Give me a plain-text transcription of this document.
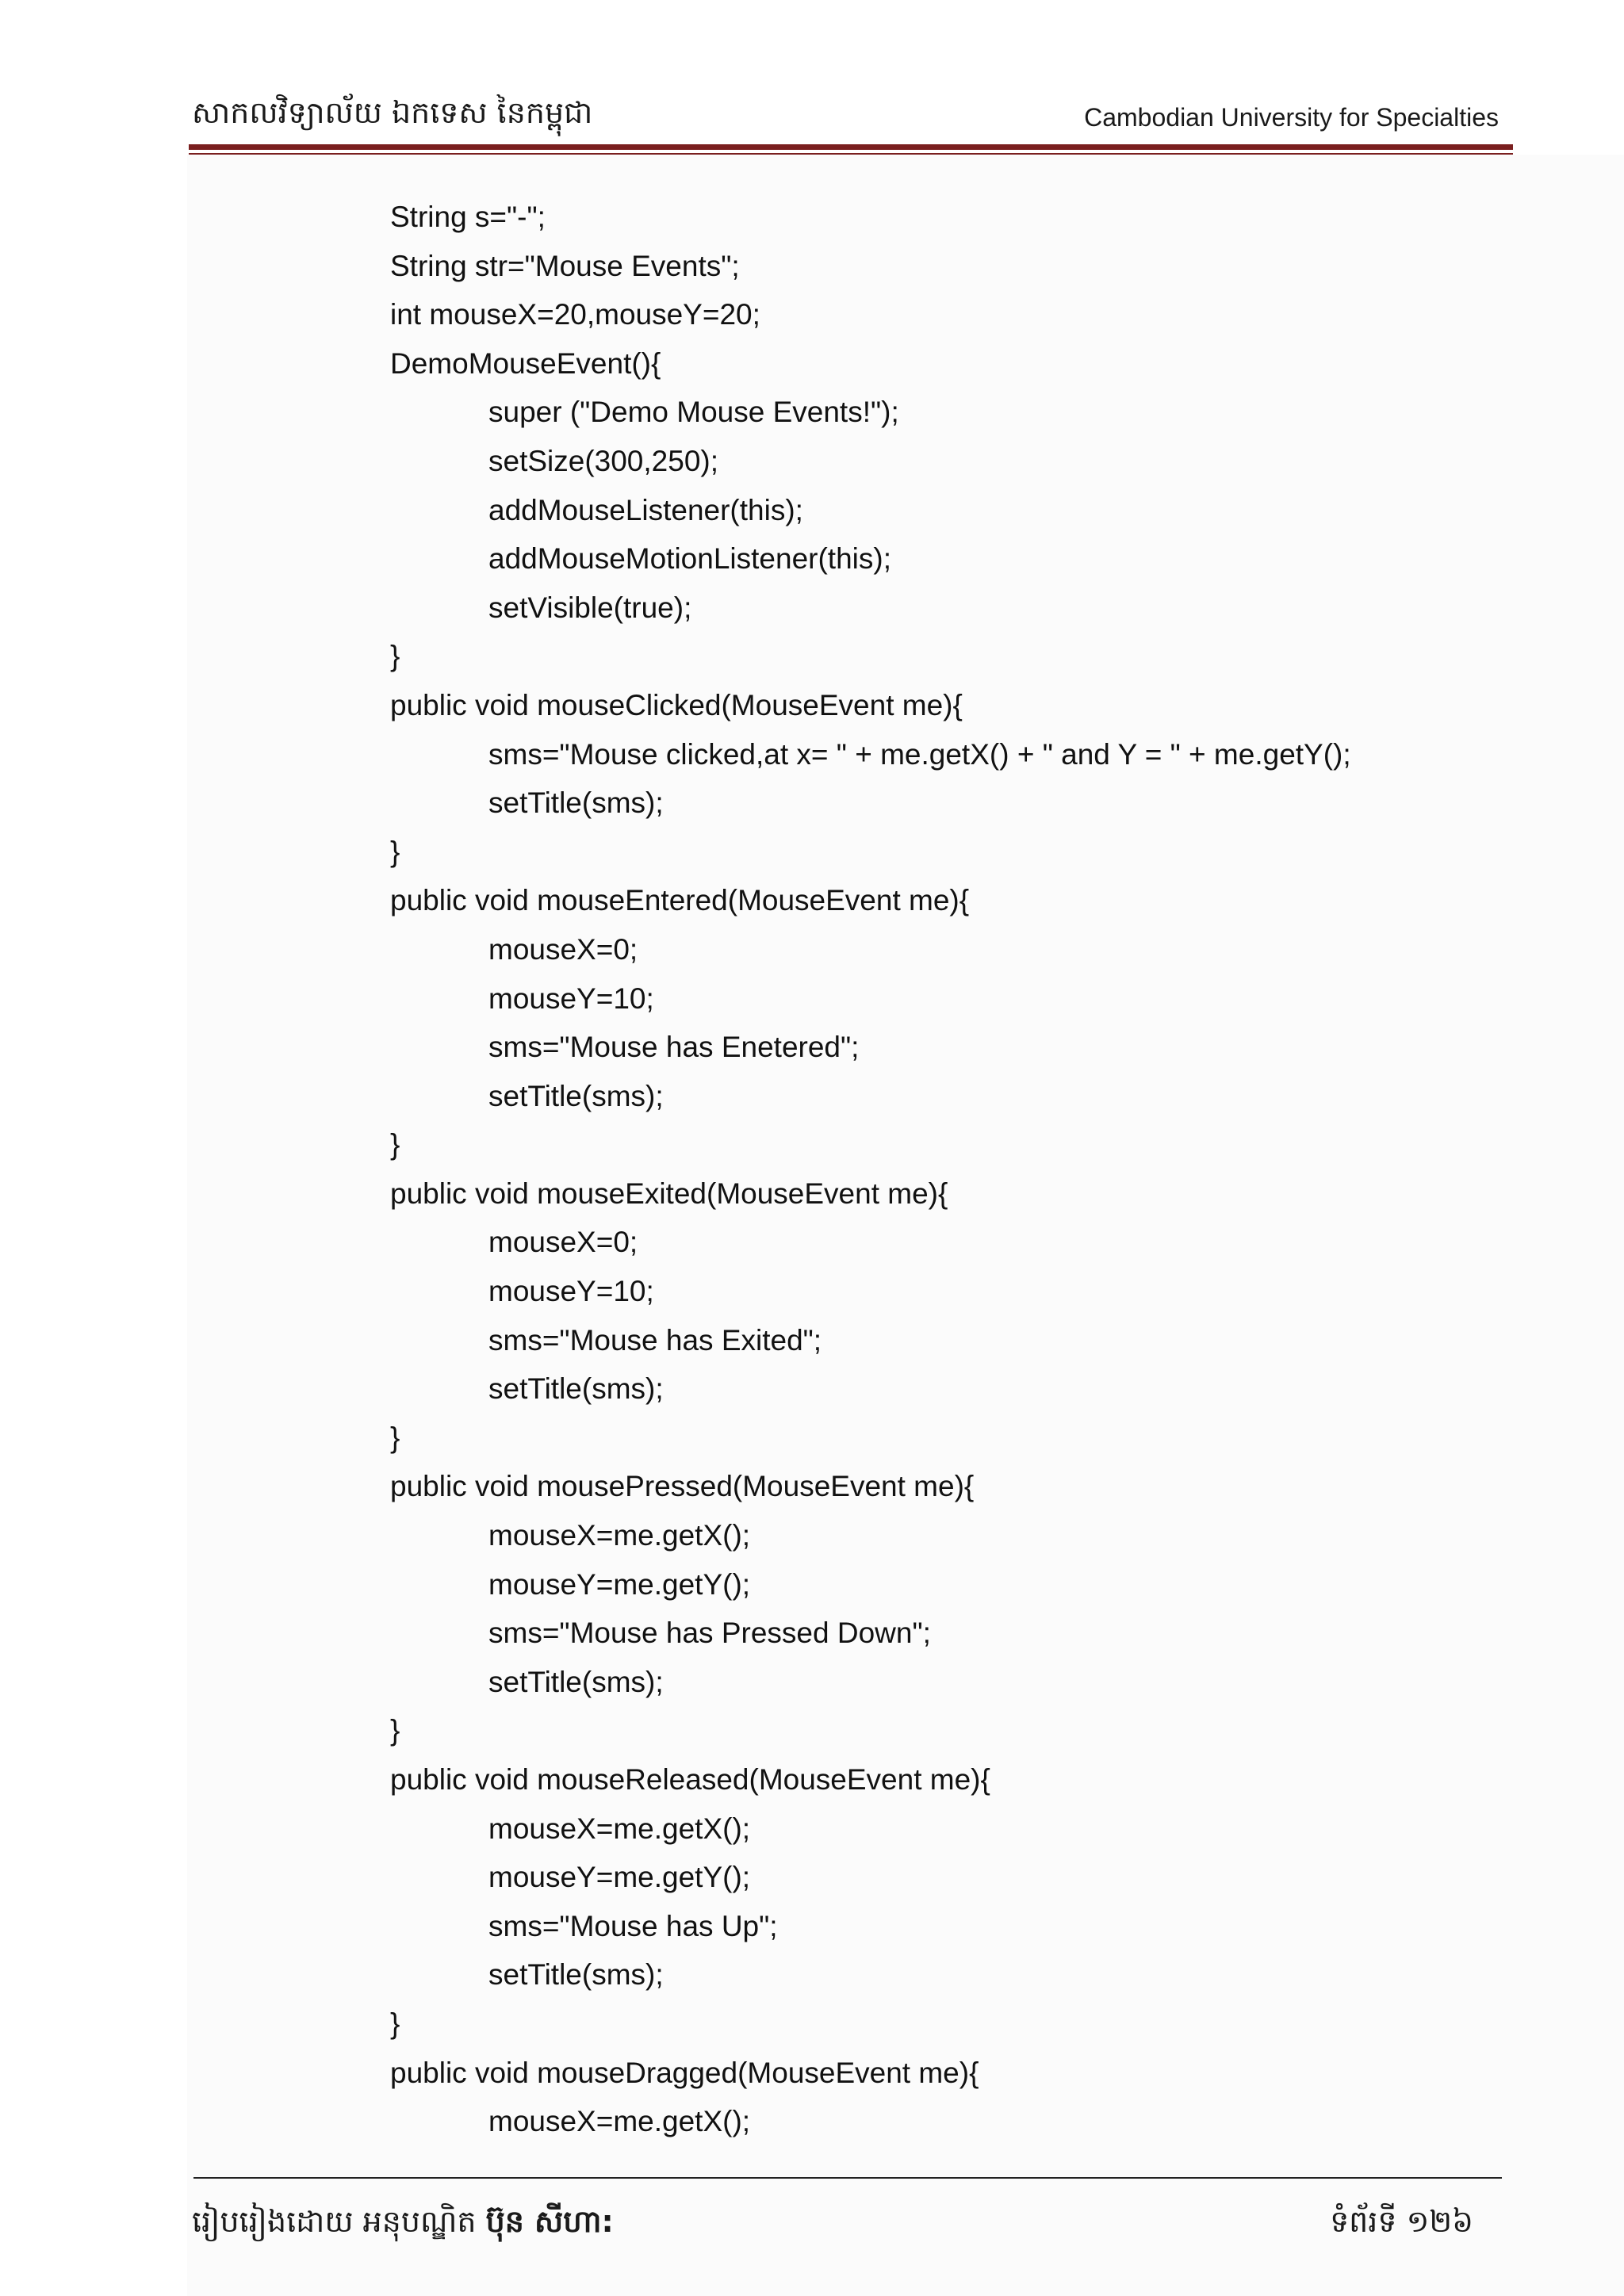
សាកលវិទ្យាល័យ ឯកទេស នៃកម្ពុជា	Cambodian University for Specialties
String s="-";
String str="Mouse Events";
int mouseX=20,mouseY=20;
DemoMouseEvent(){
super ("Demo Mouse Events!");
setSize(300,250);
addMouseListener(this);
addMouseMotionListener(this);
setVisible(true);
}
public void mouseClicked(MouseEvent me){
sms="Mouse clicked,at x= " + me.getX() + " and Y = " + me.getY();
setTitle(sms);
}
public void mouseEntered(MouseEvent me){
mouseX=0;
mouseY=10;
sms="Mouse has Enetered";
setTitle(sms);
}
public void mouseExited(MouseEvent me){
mouseX=0;
mouseY=10;
sms="Mouse has Exited";
setTitle(sms);
}
public void mousePressed(MouseEvent me){
mouseX=me.getX();
mouseY=me.getY();
sms="Mouse has Pressed Down";
setTitle(sms);
}
public void mouseReleased(MouseEvent me){
mouseX=me.getX();
mouseY=me.getY();
sms="Mouse has Up";
setTitle(sms);
}
public void mouseDragged(MouseEvent me){
mouseX=me.getX();
រៀបរៀងដោយ អនុបណ្ឌិត ប៊ុន សីហា:	ទំព័រទី ១២៦
